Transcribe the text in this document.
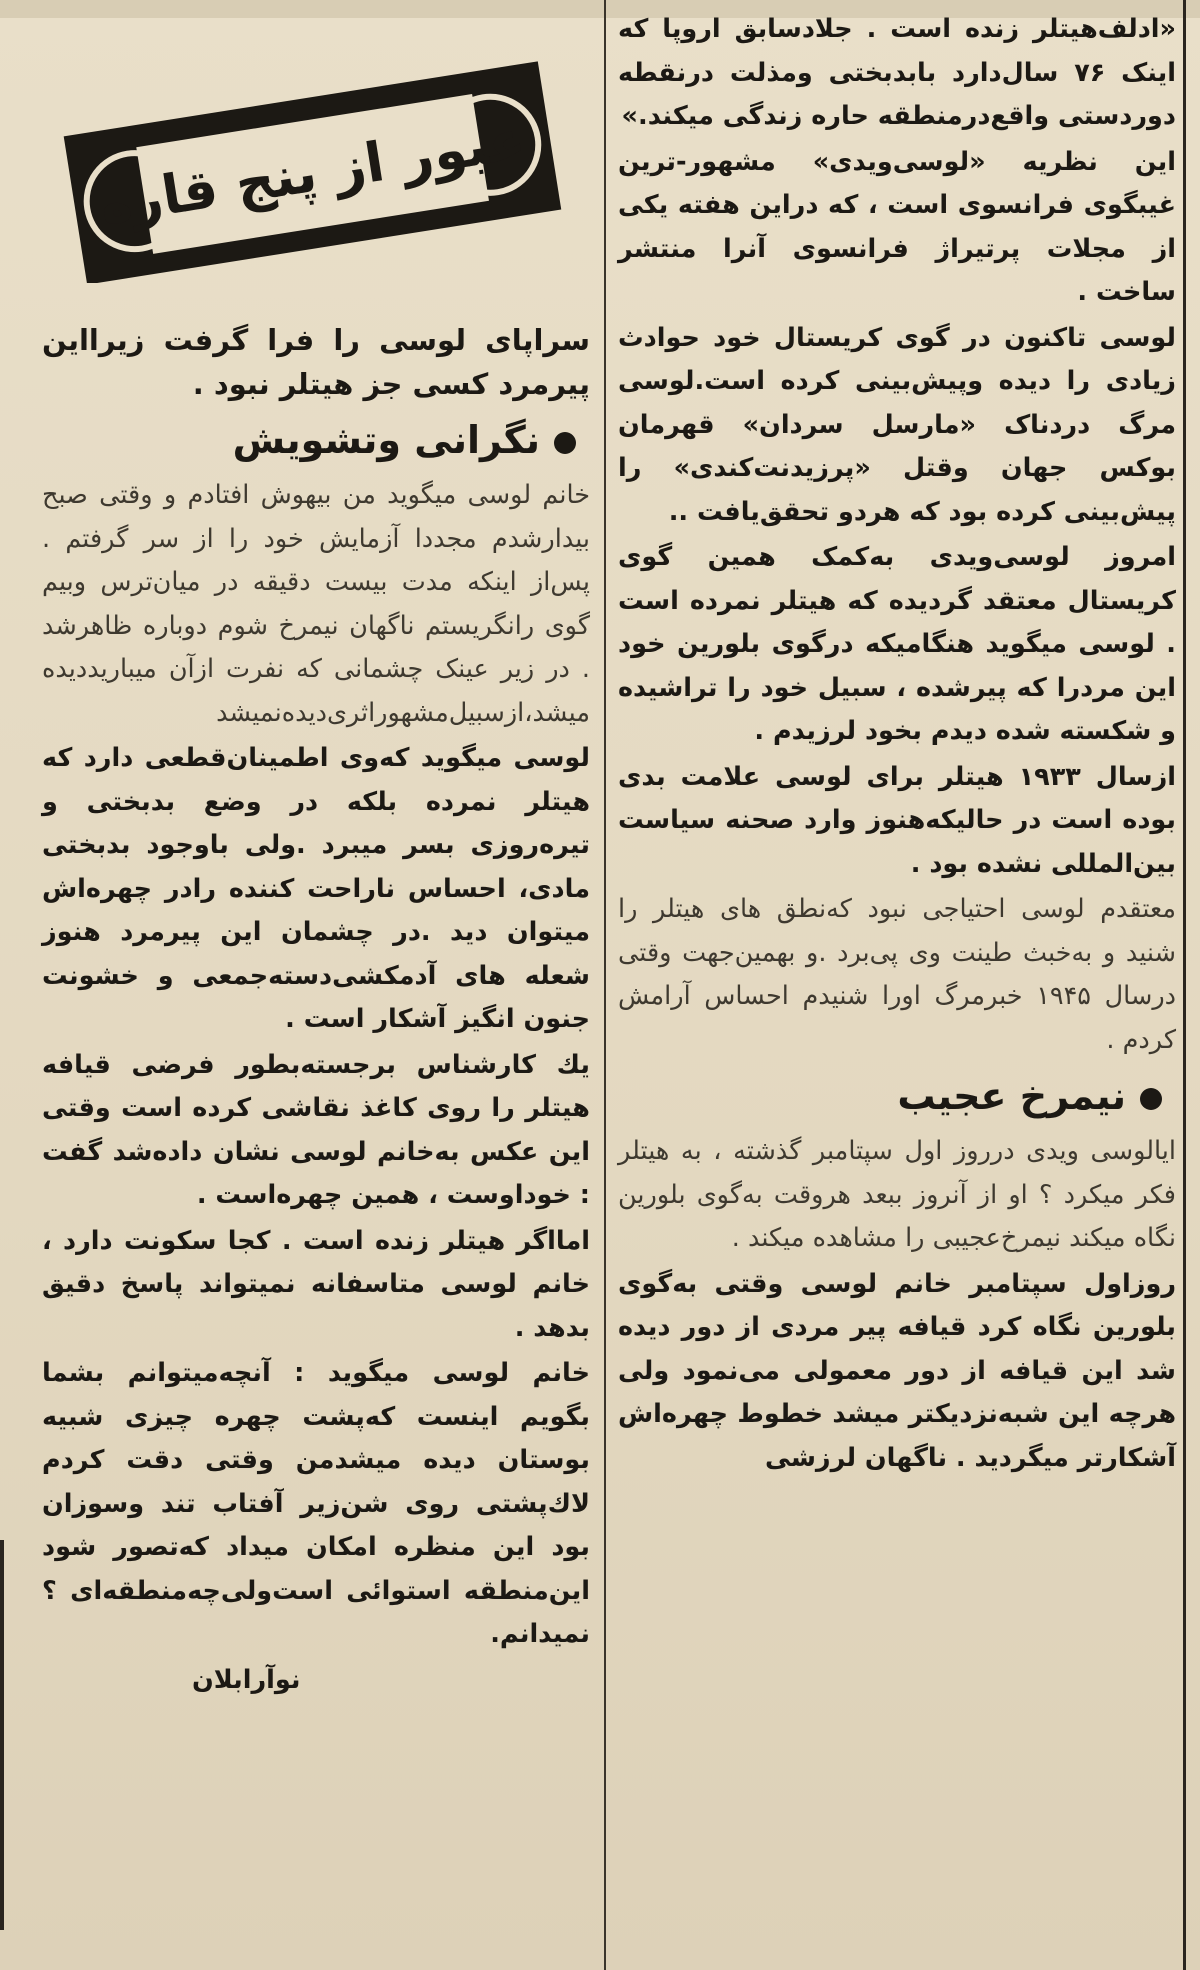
عبور از پنج قاره

«ادلف‌هیتلر زنده است . جلادسابق اروپا که اینک ۷۶ سال‌دارد بابدبختی ومذلت درنقطه دوردستی واقع‌درمنطقه حاره زندگی میکند.»

این نظریه «لوسی‌ویدی» مشهور-ترین غیبگوی فرانسوی است ، که دراین هفته یکی از مجلات پرتیراژ فرانسوی آنرا منتشر ساخت .

لوسی تاکنون در گوی کریستال خود حوادث زیادی را دیده وپیش‌بینی کرده است.لوسی مرگ دردناک «مارسل سردان» قهرمان بوکس جهان وقتل «پرزیدنت‌کندی» را پیش‌بینی کرده بود که هردو تحقق‌یافت ..

امروز لوسی‌ویدی به‌کمک همین گوی کریستال معتقد گردیده که هیتلر نمرده است . لوسی میگوید هنگامیکه درگوی بلورین خود این مردرا که پیرشده ، سبیل خود را تراشیده و شکسته شده دیدم بخود لرزیدم .

ازسال ۱۹۳۳ هیتلر برای لوسی علامت بدی بوده است در حالیکه‌هنوز وارد صحنه سیاست بین‌المللی نشده بود .

معتقدم لوسی احتیاجی نبود که‌نطق های هیتلر را شنید و به‌خبث طینت وی پی‌برد .و بهمین‌جهت وقتی درسال ۱۹۴۵ خبرمرگ اورا شنیدم احساس آرامش کردم .

نیمرخ عجیب

ایالوسی ویدی درروز اول سپتامبر گذشته ، به هیتلر فکر میکرد ؟ او از آنروز ببعد هروقت به‌گوی بلورین نگاه میکند نیمرخ‌عجیبی را مشاهده میکند .

روزاول سپتامبر خانم لوسی وقتی به‌گوی بلورین نگاه کرد قیافه پیر مردی از دور دیده شد این قیافه از دور معمولی می‌نمود ولی هرچه این شبه‌نزدیکتر میشد خطوط چهره‌اش آشکارتر میگردید . ناگهان لرزشی

سراپای لوسی را فرا گرفت زیرااین پیرمرد کسی جز هیتلر نبود .

نگرانی وتشویش

خانم لوسی میگوید من بیهوش افتادم و وقتی صبح بیدارشدم مجددا آزمایش خود را از سر گرفتم . پس‌از اینکه مدت بیست دقیقه در میان‌ترس وبیم گوی رانگریستم ناگهان نیمرخ شوم دوباره ظاهرشد . در زیر عینک چشمانی که نفرت ازآن میباریددیده میشد،ازسبیل‌مشهوراثری‌دیده‌نمیشد

لوسی میگوید که‌وی اطمینان‌قطعی دارد که هیتلر نمرده بلکه در وضع بدبختی و تیره‌روزی بسر میبرد .ولی باوجود بدبختی مادی، احساس ناراحت کننده رادر چهره‌اش میتوان دید .در چشمان این پیرمرد هنوز شعله های آدمکشی‌دسته‌جمعی و خشونت جنون انگیز آشکار است .

یك کارشناس برجسته‌بطور فرضی قیافه هیتلر را روی کاغذ نقاشی کرده است وقتی این عکس به‌خانم لوسی نشان داده‌شد گفت : خوداوست ، همین چهره‌است .

امااگر هیتلر زنده است . کجا سکونت دارد ، خانم لوسی متاسفانه نمیتواند پاسخ دقیق بدهد .

خانم لوسی میگوید : آنچه‌میتوانم بشما بگویم اینست که‌پشت چهره چیزی شبیه بوستان دیده میشدمن وقتی دقت کردم لاك‌پشتی روی شن‌زیر آفتاب تند وسوزان بود این منظره امکان میداد که‌تصور شود این‌منطقه استوائی است‌ولی‌چه‌منطقه‌ای ؟نمیدانم.

نوآرابلان
